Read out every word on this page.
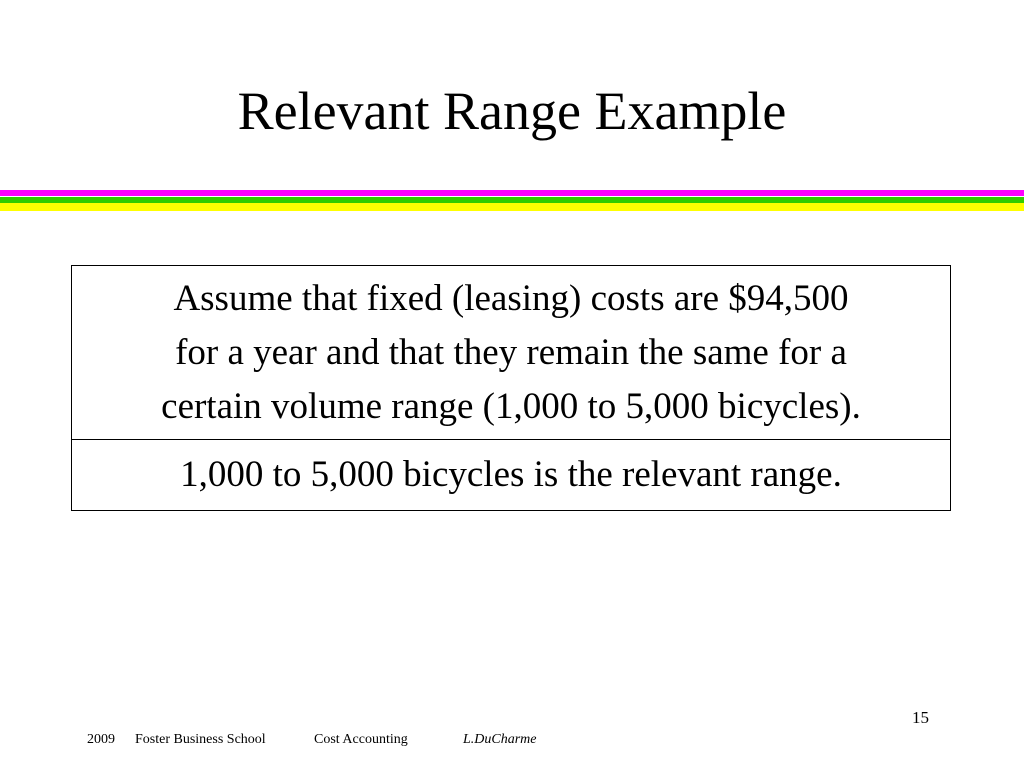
Relevant Range Example

Assume that fixed (leasing) costs are $94,500
for a year and that they remain the same for a
certain volume range (1,000 to 5,000 bicycles).

1,000 to 5,000 bicycles is the relevant range.

15
2009 Foster Business School	Cost Accounting	L.DuCharme
